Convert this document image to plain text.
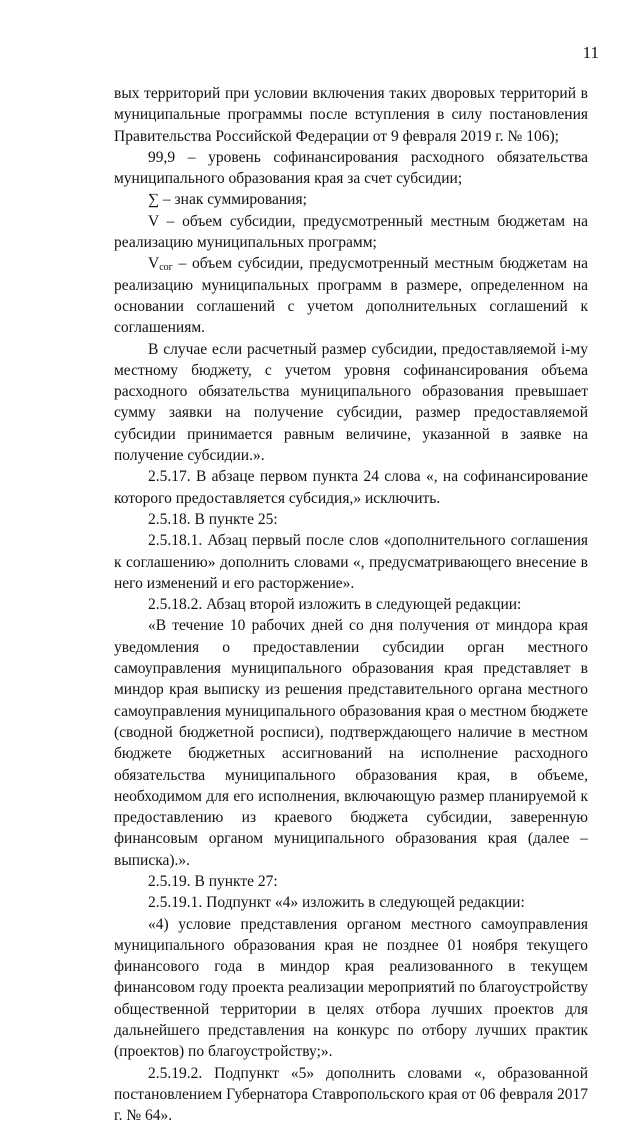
11

вых территорий при условии включения таких дворовых территорий в муниципальные программы после вступления в силу постановления Правительства Российской Федерации от 9 февраля 2019 г. № 106);

99,9 – уровень софинансирования расходного обязательства муниципального образования края за счет субсидии;

∑ – знак суммирования;

V – объем субсидии, предусмотренный местным бюджетам на реализацию муниципальных программ;

$V_{сог}$ – объем субсидии, предусмотренный местным бюджетам на реализацию муниципальных программ в размере, определенном на основании соглашений с учетом дополнительных соглашений к соглашениям.

В случае если расчетный размер субсидии, предоставляемой i-му местному бюджету, с учетом уровня софинансирования объема расходного обязательства муниципального образования превышает сумму заявки на получение субсидии, размер предоставляемой субсидии принимается равным величине, указанной в заявке на получение субсидии.».

2.5.17. В абзаце первом пункта 24 слова «, на софинансирование которого предоставляется субсидия,» исключить.

2.5.18. В пункте 25:

2.5.18.1. Абзац первый после слов «дополнительного соглашения к соглашению» дополнить словами «, предусматривающего внесение в него изменений и его расторжение».

2.5.18.2. Абзац второй изложить в следующей редакции:

«В течение 10 рабочих дней со дня получения от миндора края уведомления о предоставлении субсидии орган местного самоуправления муниципального образования края представляет в миндор края выписку из решения представительного органа местного самоуправления муниципального образования края о местном бюджете (сводной бюджетной росписи), подтверждающего наличие в местном бюджете бюджетных ассигнований на исполнение расходного обязательства муниципального образования края, в объеме, необходимом для его исполнения, включающую размер планируемой к предоставлению из краевого бюджета субсидии, заверенную финансовым органом муниципального образования края (далее – выписка).».

2.5.19. В пункте 27:

2.5.19.1. Подпункт «4» изложить в следующей редакции:

«4) условие представления органом местного самоуправления муниципального образования края не позднее 01 ноября текущего финансового года в миндор края реализованного в текущем финансовом году проекта реализации мероприятий по благоустройству общественной территории в целях отбора лучших проектов для дальнейшего представления на конкурс по отбору лучших практик (проектов) по благоустройству;».

2.5.19.2. Подпункт «5» дополнить словами «, образованной постановлением Губернатора Ставропольского края от 06 февраля 2017 г. № 64».
